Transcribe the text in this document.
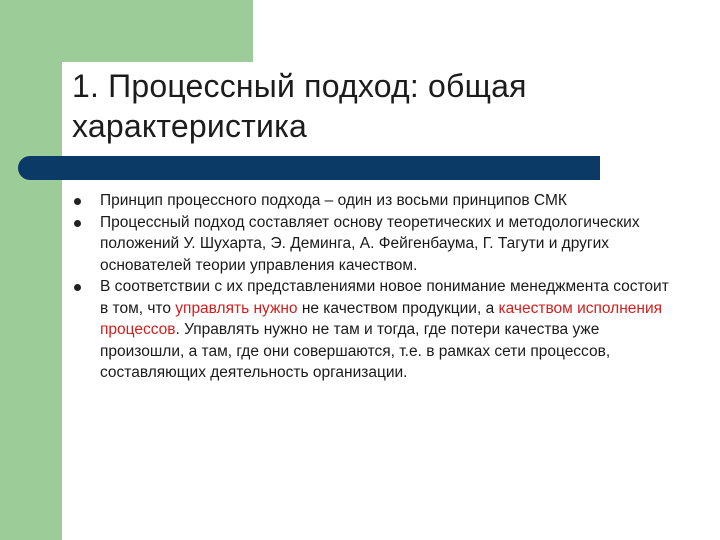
1. Процессный подход: общая характеристика
Принцип процессного подхода – один из восьми принципов СМК
Процессный подход составляет основу теоретических и методологических положений У. Шухарта, Э. Деминга, А. Фейгенбаума, Г. Тагути и других основателей теории управления качеством.
В соответствии с их представлениями новое понимание менеджмента состоит в том, что управлять нужно не качеством продукции, а качеством исполнения процессов. Управлять нужно не там и тогда, где потери качества уже произошли, а там, где они совершаются, т.е. в рамках сети процессов, составляющих деятельность организации.
